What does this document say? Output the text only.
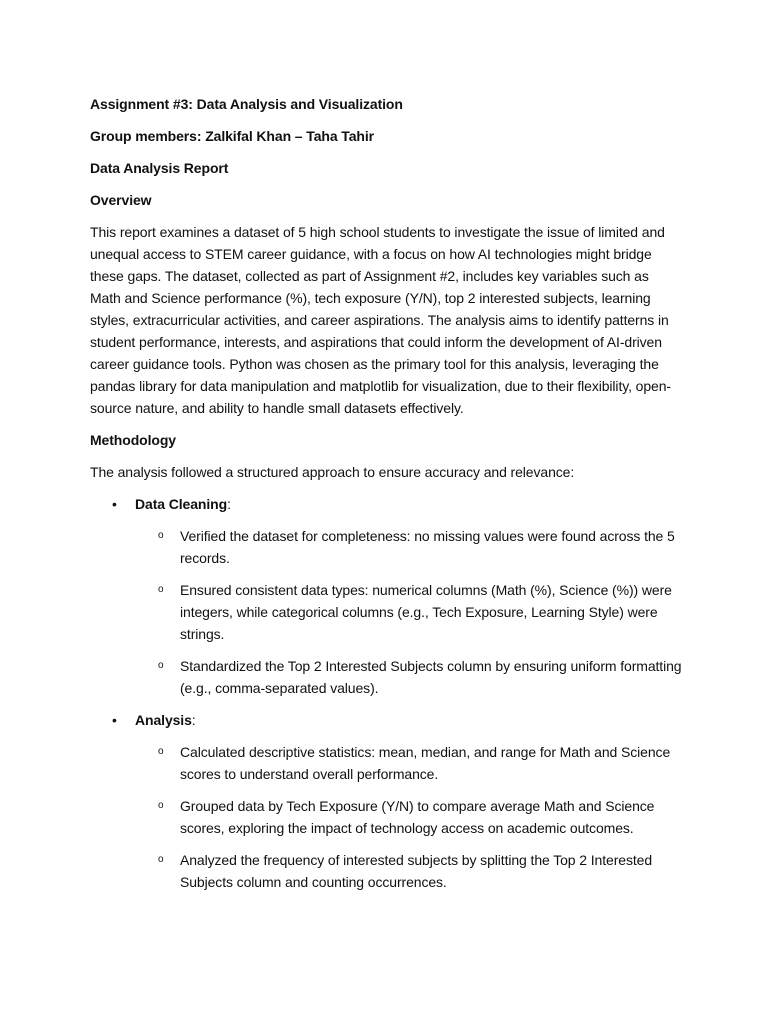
Assignment #3: Data Analysis and Visualization

Group members: Zalkifal Khan – Taha Tahir

Data Analysis Report

Overview

This report examines a dataset of 5 high school students to investigate the issue of limited and unequal access to STEM career guidance, with a focus on how AI technologies might bridge these gaps. The dataset, collected as part of Assignment #2, includes key variables such as Math and Science performance (%), tech exposure (Y/N), top 2 interested subjects, learning styles, extracurricular activities, and career aspirations. The analysis aims to identify patterns in student performance, interests, and aspirations that could inform the development of AI-driven career guidance tools. Python was chosen as the primary tool for this analysis, leveraging the pandas library for data manipulation and matplotlib for visualization, due to their flexibility, open-source nature, and ability to handle small datasets effectively.

Methodology

The analysis followed a structured approach to ensure accuracy and relevance:

• Data Cleaning:
o Verified the dataset for completeness: no missing values were found across the 5 records.
o Ensured consistent data types: numerical columns (Math (%), Science (%)) were integers, while categorical columns (e.g., Tech Exposure, Learning Style) were strings.
o Standardized the Top 2 Interested Subjects column by ensuring uniform formatting (e.g., comma-separated values).
• Analysis:
o Calculated descriptive statistics: mean, median, and range for Math and Science scores to understand overall performance.
o Grouped data by Tech Exposure (Y/N) to compare average Math and Science scores, exploring the impact of technology access on academic outcomes.
o Analyzed the frequency of interested subjects by splitting the Top 2 Interested Subjects column and counting occurrences.
